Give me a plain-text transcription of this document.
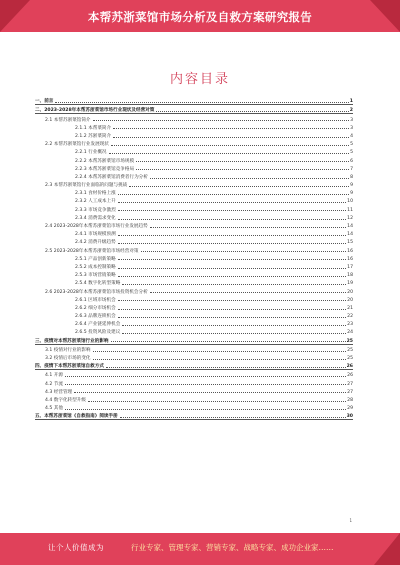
本帮苏浙菜馆市场分析及自救方案研究报告
内容目录
一、前言	1
二、2023-2028年本帮苏浙菜馆市场行业现状及经营对策	2
2.1 本帮苏浙菜馆简介	3
2.1.1 本帮菜简介	3
2.1.2 苏浙菜简介	4
2.2 本帮苏浙菜馆行业发展现状	5
2.2.1 行业概况	5
2.2.2 本帮苏浙菜馆市场规模	6
2.2.3 本帮苏浙菜馆竞争格局	7
2.2.4 本帮苏浙菜馆消费者行为分析	8
2.3 本帮苏浙菜馆行业面临的问题与挑战	9
2.3.1 食材价格上涨	9
2.3.2 人工成本上升	10
2.3.3 市场竞争激烈	11
2.3.4 消费需求变化	12
2.4 2023-2028年本帮苏浙菜馆市场行业发展趋势	14
2.4.1 市场规模预测	14
2.4.2 消费升级趋势	15
2.5 2023-2028年本帮苏浙菜馆市场经营对策	16
2.5.1 产品创新策略	16
2.5.2 成本控制策略	17
2.5.3 市场营销策略	18
2.5.4 数字化转型策略	19
2.6 2023-2028年本帮苏浙菜馆市场投资机会分析	20
2.6.1 区域市场机会	20
2.6.2 细分市场机会	21
2.6.3 品牌连锁机会	22
2.6.4 产业链延伸机会	23
2.6.5 投资风险及建议	24
三、疫情对本帮苏浙菜馆行业的影响	25
3.1 疫情对行业的影响	25
3.2 疫情后市场的变化	25
四、疫情下本帮苏浙菜馆自救方式	26
4.1 开源	26
4.2 节流	27
4.3 经营管理	27
4.4 数字化转型升级	28
4.5 其他	29
五、本帮苏浙菜馆《自救指南》阅读手册	30
1
让个人价值成为	行业专家、管理专家、营销专家、战略专家、成功企业家……
